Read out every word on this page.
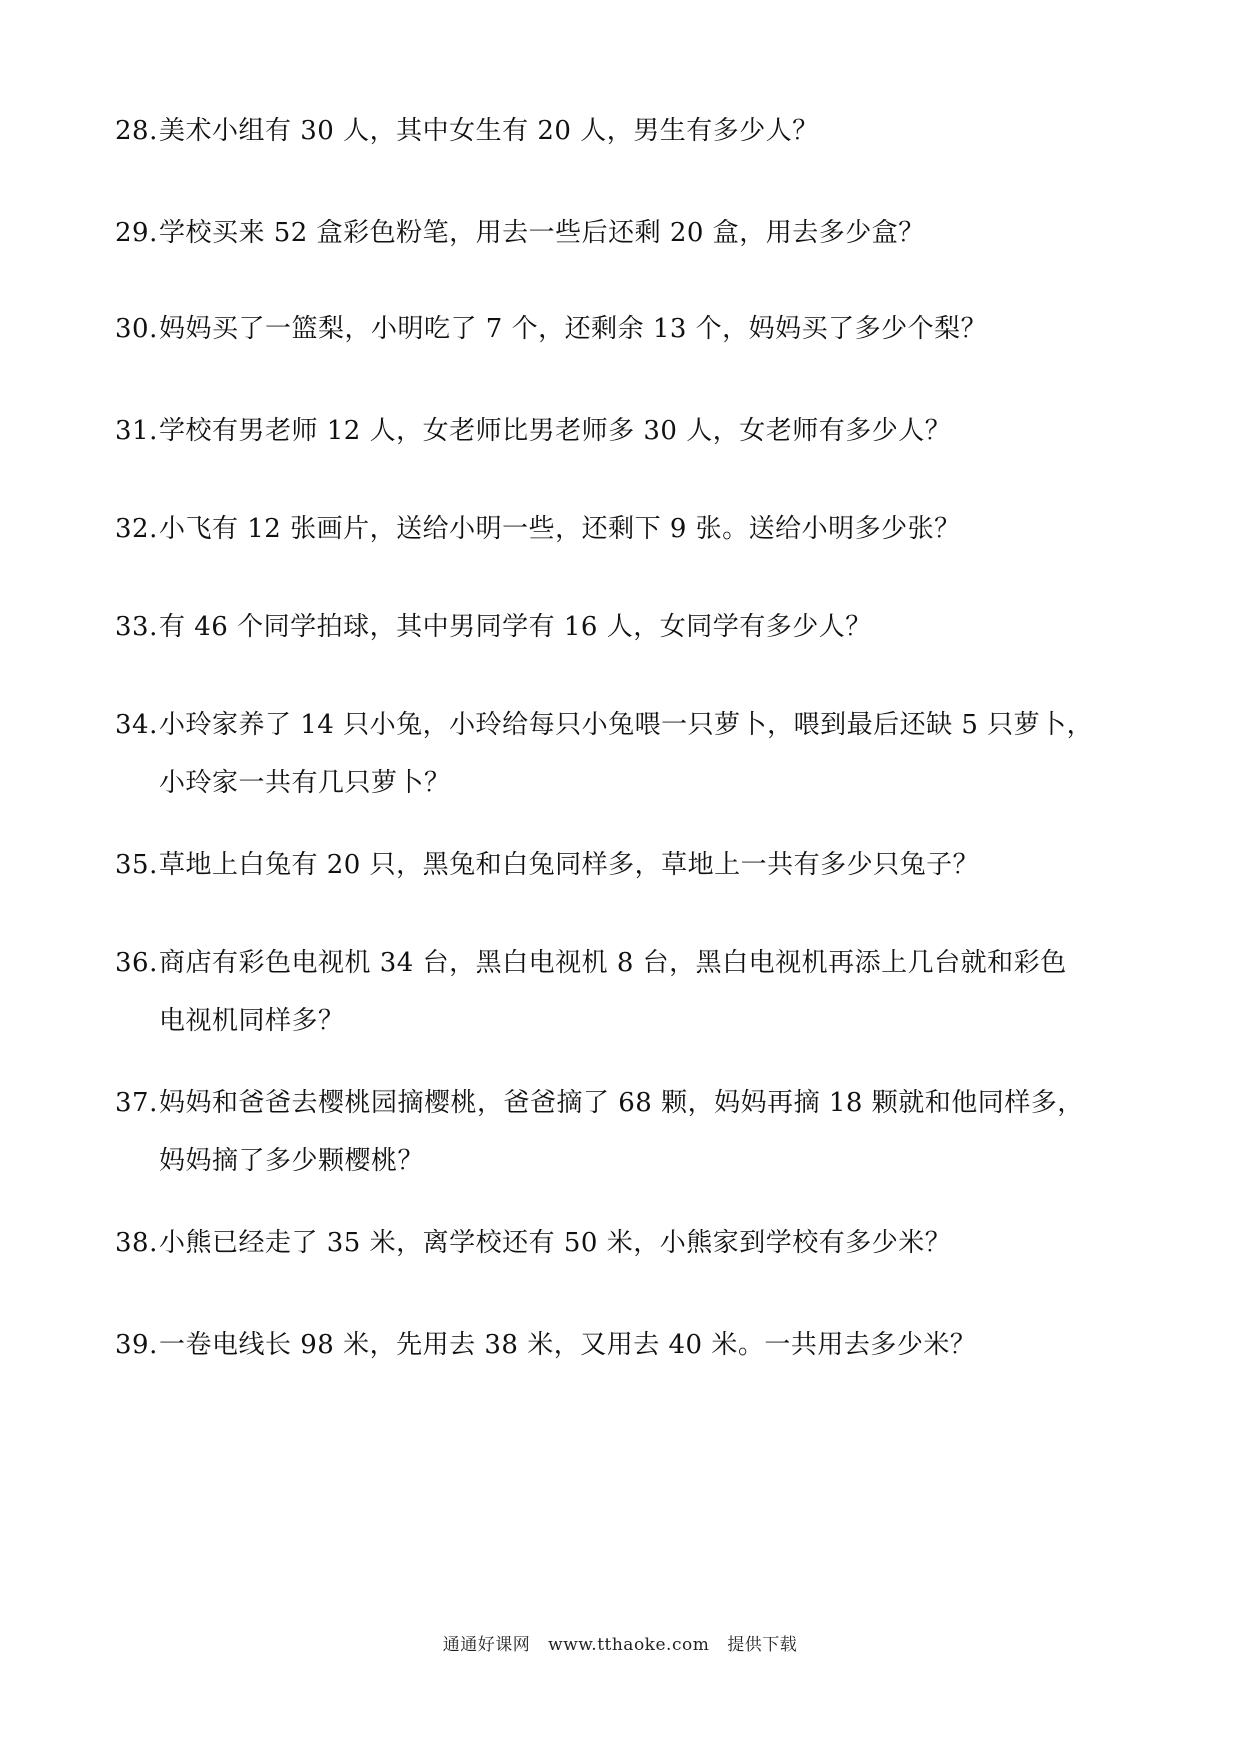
28.美术小组有 30 人，其中女生有 20 人，男生有多少人？
29.学校买来 52 盒彩色粉笔，用去一些后还剩 20 盒，用去多少盒？
30.妈妈买了一篮梨，小明吃了 7 个，还剩余 13 个，妈妈买了多少个梨？
31.学校有男老师 12 人，女老师比男老师多 30 人，女老师有多少人？
32.小飞有 12 张画片，送给小明一些，还剩下 9 张。送给小明多少张？
33.有 46 个同学拍球，其中男同学有 16 人，女同学有多少人？
34.小玲家养了 14 只小兔，小玲给每只小兔喂一只萝卜，喂到最后还缺 5 只萝卜，
小玲家一共有几只萝卜？
35.草地上白兔有 20 只，黑兔和白兔同样多，草地上一共有多少只兔子？
36.商店有彩色电视机 34 台，黑白电视机 8 台，黑白电视机再添上几台就和彩色
电视机同样多？
37.妈妈和爸爸去樱桃园摘樱桃，爸爸摘了 68 颗，妈妈再摘 18 颗就和他同样多，
妈妈摘了多少颗樱桃？
38.小熊已经走了 35 米，离学校还有 50 米，小熊家到学校有多少米？
39.一卷电线长 98 米，先用去 38 米，又用去 40 米。一共用去多少米？
通通好课网 www.tthaoke.com 提供下载
